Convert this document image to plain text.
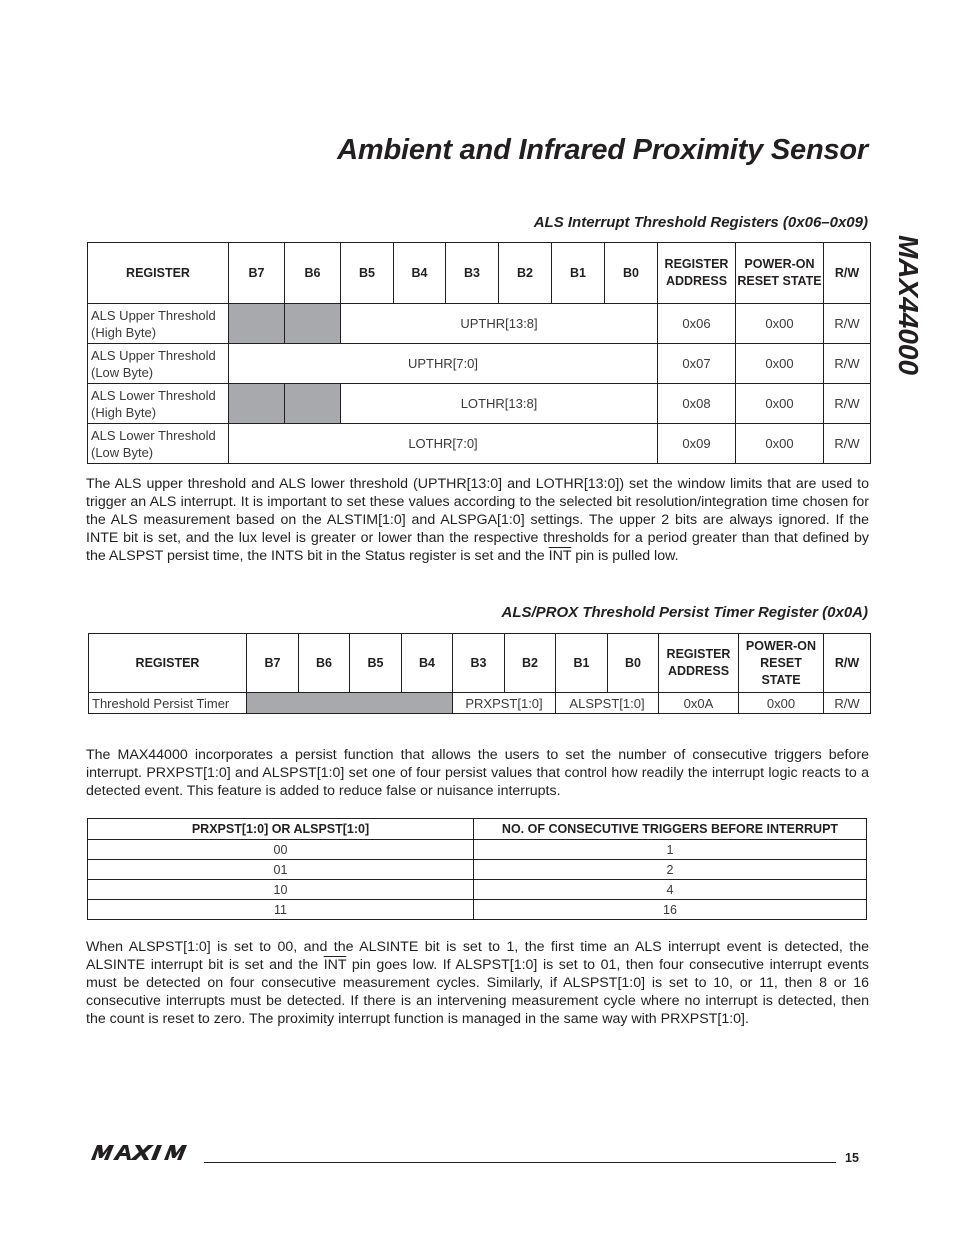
Ambient and Infrared Proximity Sensor
MAX44000
ALS Interrupt Threshold Registers (0x06–0x09)
REGISTER	B7	B6	B5	B4	B3	B2	B1	B0	REGISTER ADDRESS	POWER-ON RESET STATE	R/W
ALS Upper Threshold (High Byte)			UPTHR[13:8]						0x06	0x00	R/W
ALS Upper Threshold (Low Byte)	UPTHR[7:0]								0x07	0x00	R/W
ALS Lower Threshold (High Byte)			LOTHR[13:8]						0x08	0x00	R/W
ALS Lower Threshold (Low Byte)	LOTHR[7:0]								0x09	0x00	R/W

The ALS upper threshold and ALS lower threshold (UPTHR[13:0] and LOTHR[13:0]) set the window limits that are used to trigger an ALS interrupt. It is important to set these values according to the selected bit resolution/integration time chosen for the ALS measurement based on the ALSTIM[1:0] and ALSPGA[1:0] settings. The upper 2 bits are always ignored. If the INTE bit is set, and the lux level is greater or lower than the respective thresholds for a period greater than that defined by the ALSPST persist time, the INTS bit in the Status register is set and the $\overline{INT}$ pin is pulled low.

ALS/PROX Threshold Persist Timer Register (0x0A)
REGISTER	B7	B6	B5	B4	B3	B2	B1	B0	REGISTER ADDRESS	POWER-ON RESET STATE	R/W
Threshold Persist Timer					PRXPST[1:0]		ALSPST[1:0]		0x0A	0x00	R/W

The MAX44000 incorporates a persist function that allows the users to set the number of consecutive triggers before interrupt. PRXPST[1:0] and ALSPST[1:0] set one of four persist values that control how readily the interrupt logic reacts to a detected event. This feature is added to reduce false or nuisance interrupts.

PRXPST[1:0] OR ALSPST[1:0]	NO. OF CONSECUTIVE TRIGGERS BEFORE INTERRUPT
00	1
01	2
10	4
11	16

When ALSPST[1:0] is set to 00, and the ALSINTE bit is set to 1, the first time an ALS interrupt event is detected, the ALSINTE interrupt bit is set and the $\overline{INT}$ pin goes low. If ALSPST[1:0] is set to 01, then four consecutive interrupt events must be detected on four consecutive measurement cycles. Similarly, if ALSPST[1:0] is set to 10, or 11, then 8 or 16 consecutive interrupts must be detected. If there is an intervening measurement cycle where no interrupt is detected, then the count is reset to zero. The proximity interrupt function is managed in the same way with PRXPST[1:0].

15
